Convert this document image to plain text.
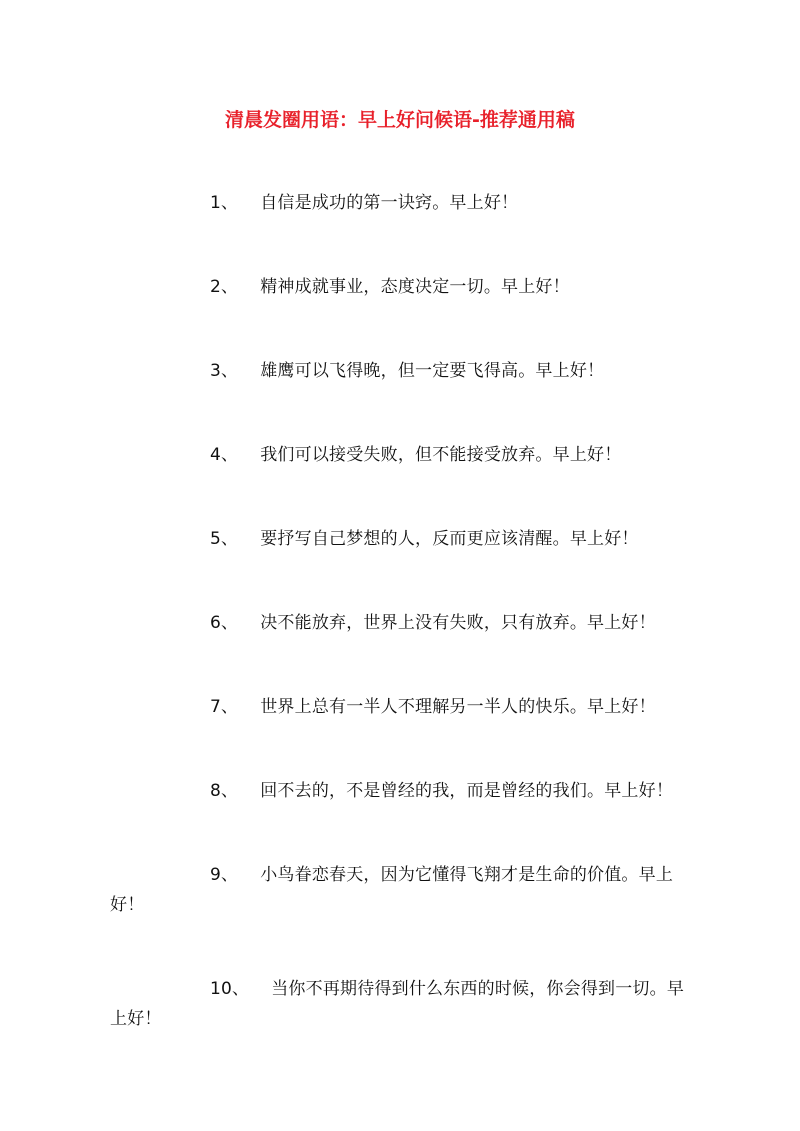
清晨发圈用语：早上好问候语-推荐通用稿
1、 自信是成功的第一诀窍。早上好！
2、 精神成就事业，态度决定一切。早上好！
3、 雄鹰可以飞得晚，但一定要飞得高。早上好！
4、 我们可以接受失败，但不能接受放弃。早上好！
5、 要抒写自己梦想的人，反而更应该清醒。早上好！
6、 决不能放弃，世界上没有失败，只有放弃。早上好！
7、 世界上总有一半人不理解另一半人的快乐。早上好！
8、 回不去的，不是曾经的我，而是曾经的我们。早上好！
9、 小鸟眷恋春天，因为它懂得飞翔才是生命的价值。早上好！
10、 当你不再期待得到什么东西的时候，你会得到一切。早上好！
